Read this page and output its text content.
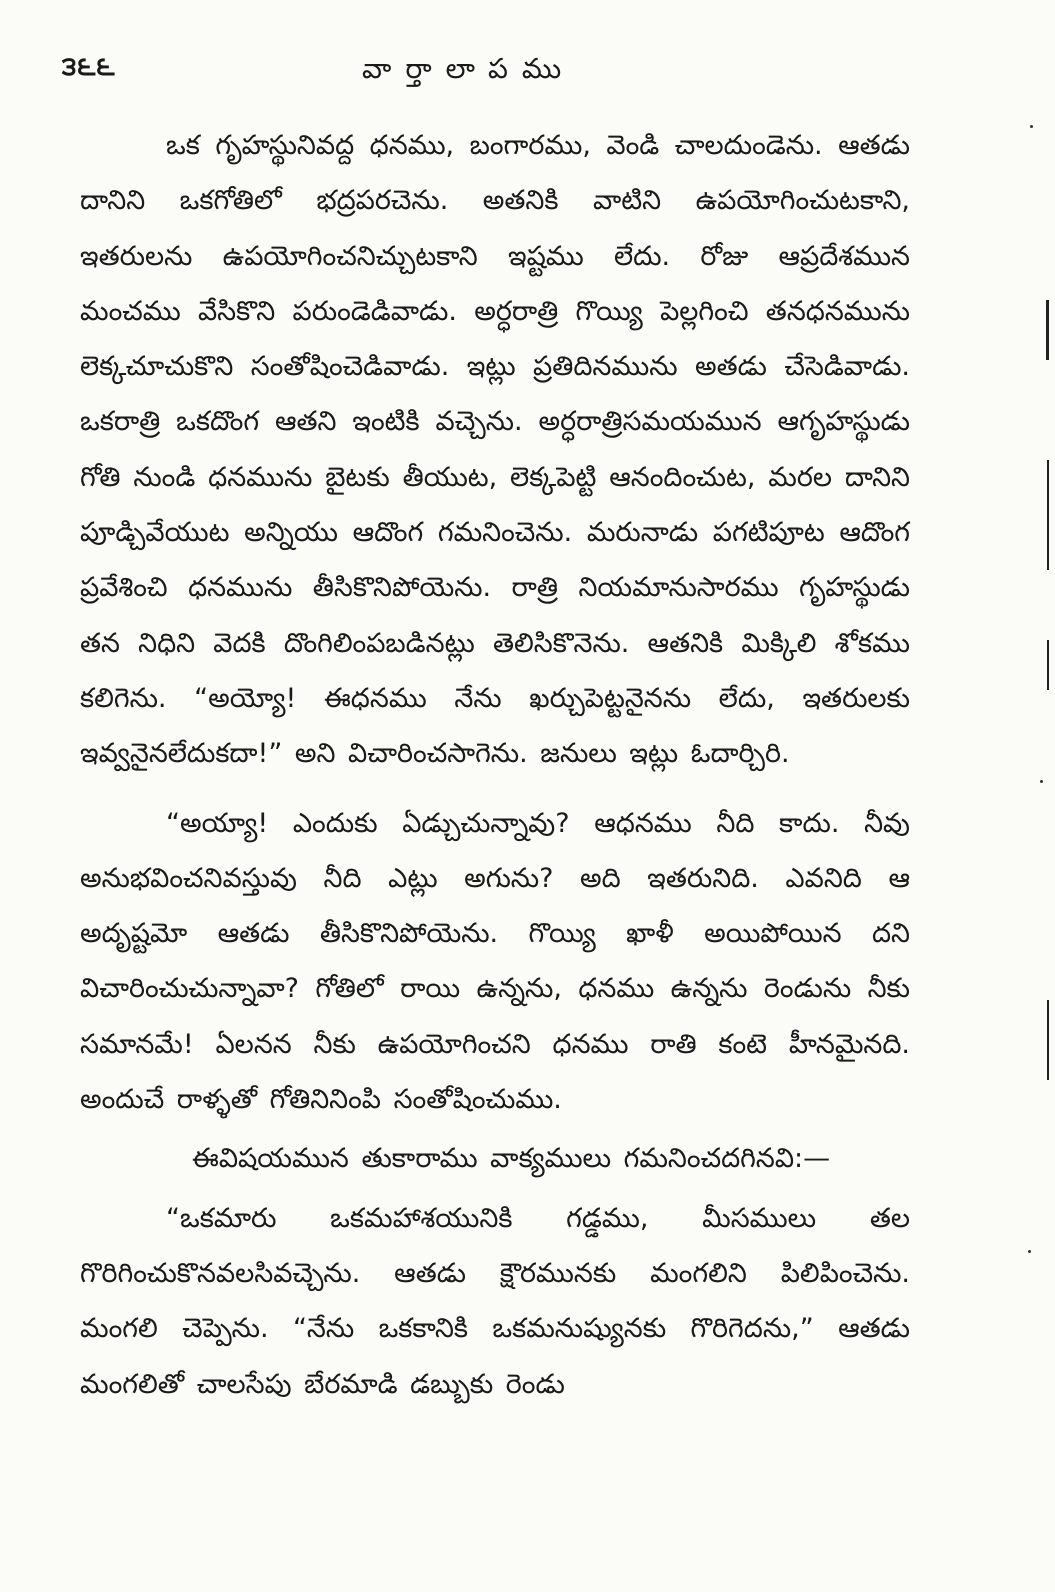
౩౬౬	వార్తాలాపము

ఒక గృహస్థునివద్ద ధనము, బంగారము, వెండి చాలదుండెను. ఆతడు దానిని ఒకగోతిలో భద్రపరచెను. అతనికి వాటిని ఉపయోగించుటకాని, ఇతరులను ఉపయోగించనిచ్చుటకాని ఇష్టము లేదు. రోజు ఆప్రదేశమున మంచము వేసికొని పరుండెడివాడు. అర్ధరాత్రి గొయ్యి పెల్లగించి తనధనమును లెక్కచూచుకొని సంతోషించెడివాడు. ఇట్లు ప్రతిదినమును అతడు చేసెడివాడు. ఒకరాత్రి ఒకదొంగ ఆతని ఇంటికి వచ్చెను. అర్ధరాత్రిసమయమున ఆగృహస్థుడు గోతి నుండి ధనమును బైటకు తీయుట, లెక్కపెట్టి ఆనందించుట, మరల దానిని పూడ్చివేయుట అన్నియు ఆదొంగ గమనించెను. మరునాడు పగటిపూట ఆదొంగ ప్రవేశించి ధనమును తీసికొనిపోయెను. రాత్రి నియమానుసారము గృహస్థుడు తన నిధిని వెదకి దొంగిలింపబడినట్లు తెలిసికొనెను. ఆతనికి మిక్కిలి శోకము కలిగెను. “అయ్యో! ఈధనము నేను ఖర్చుపెట్టనైనను లేదు, ఇతరులకు ఇవ్వనైనలేదుకదా!” అని విచారించసాగెను. జనులు ఇట్లు ఓదార్చిరి.

“అయ్యా! ఎందుకు ఏడ్చుచున్నావు? ఆధనము నీది కాదు. నీవు అనుభవించనివస్తువు నీది ఎట్లు అగును? అది ఇతరునిది. ఎవనిది ఆ అదృష్టమో ఆతడు తీసికొనిపోయెను. గొయ్యి ఖాళీ అయిపోయిన దని విచారించుచున్నావా? గోతిలో రాయి ఉన్నను, ధనము ఉన్నను రెండును నీకు సమానమే! ఏలనన నీకు ఉపయోగించని ధనము రాతి కంటె హీనమైనది. అందుచే రాళ్ళతో గోతినినింపి సంతోషించుము.

ఈవిషయమున తుకారాము వాక్యములు గమనించదగినవి:—

“ఒకమారు ఒకమహాశయునికి గడ్డము, మీసములు తల గొరిగించుకొనవలసివచ్చెను. ఆతడు క్షౌరమునకు మంగలిని పిలిపించెను. మంగలి చెప్పెను. “నేను ఒకకానికి ఒకమనుష్యునకు గొరిగెదను,” ఆతడు మంగలితో చాలసేపు బేరమాడి డబ్బుకు రెండు
